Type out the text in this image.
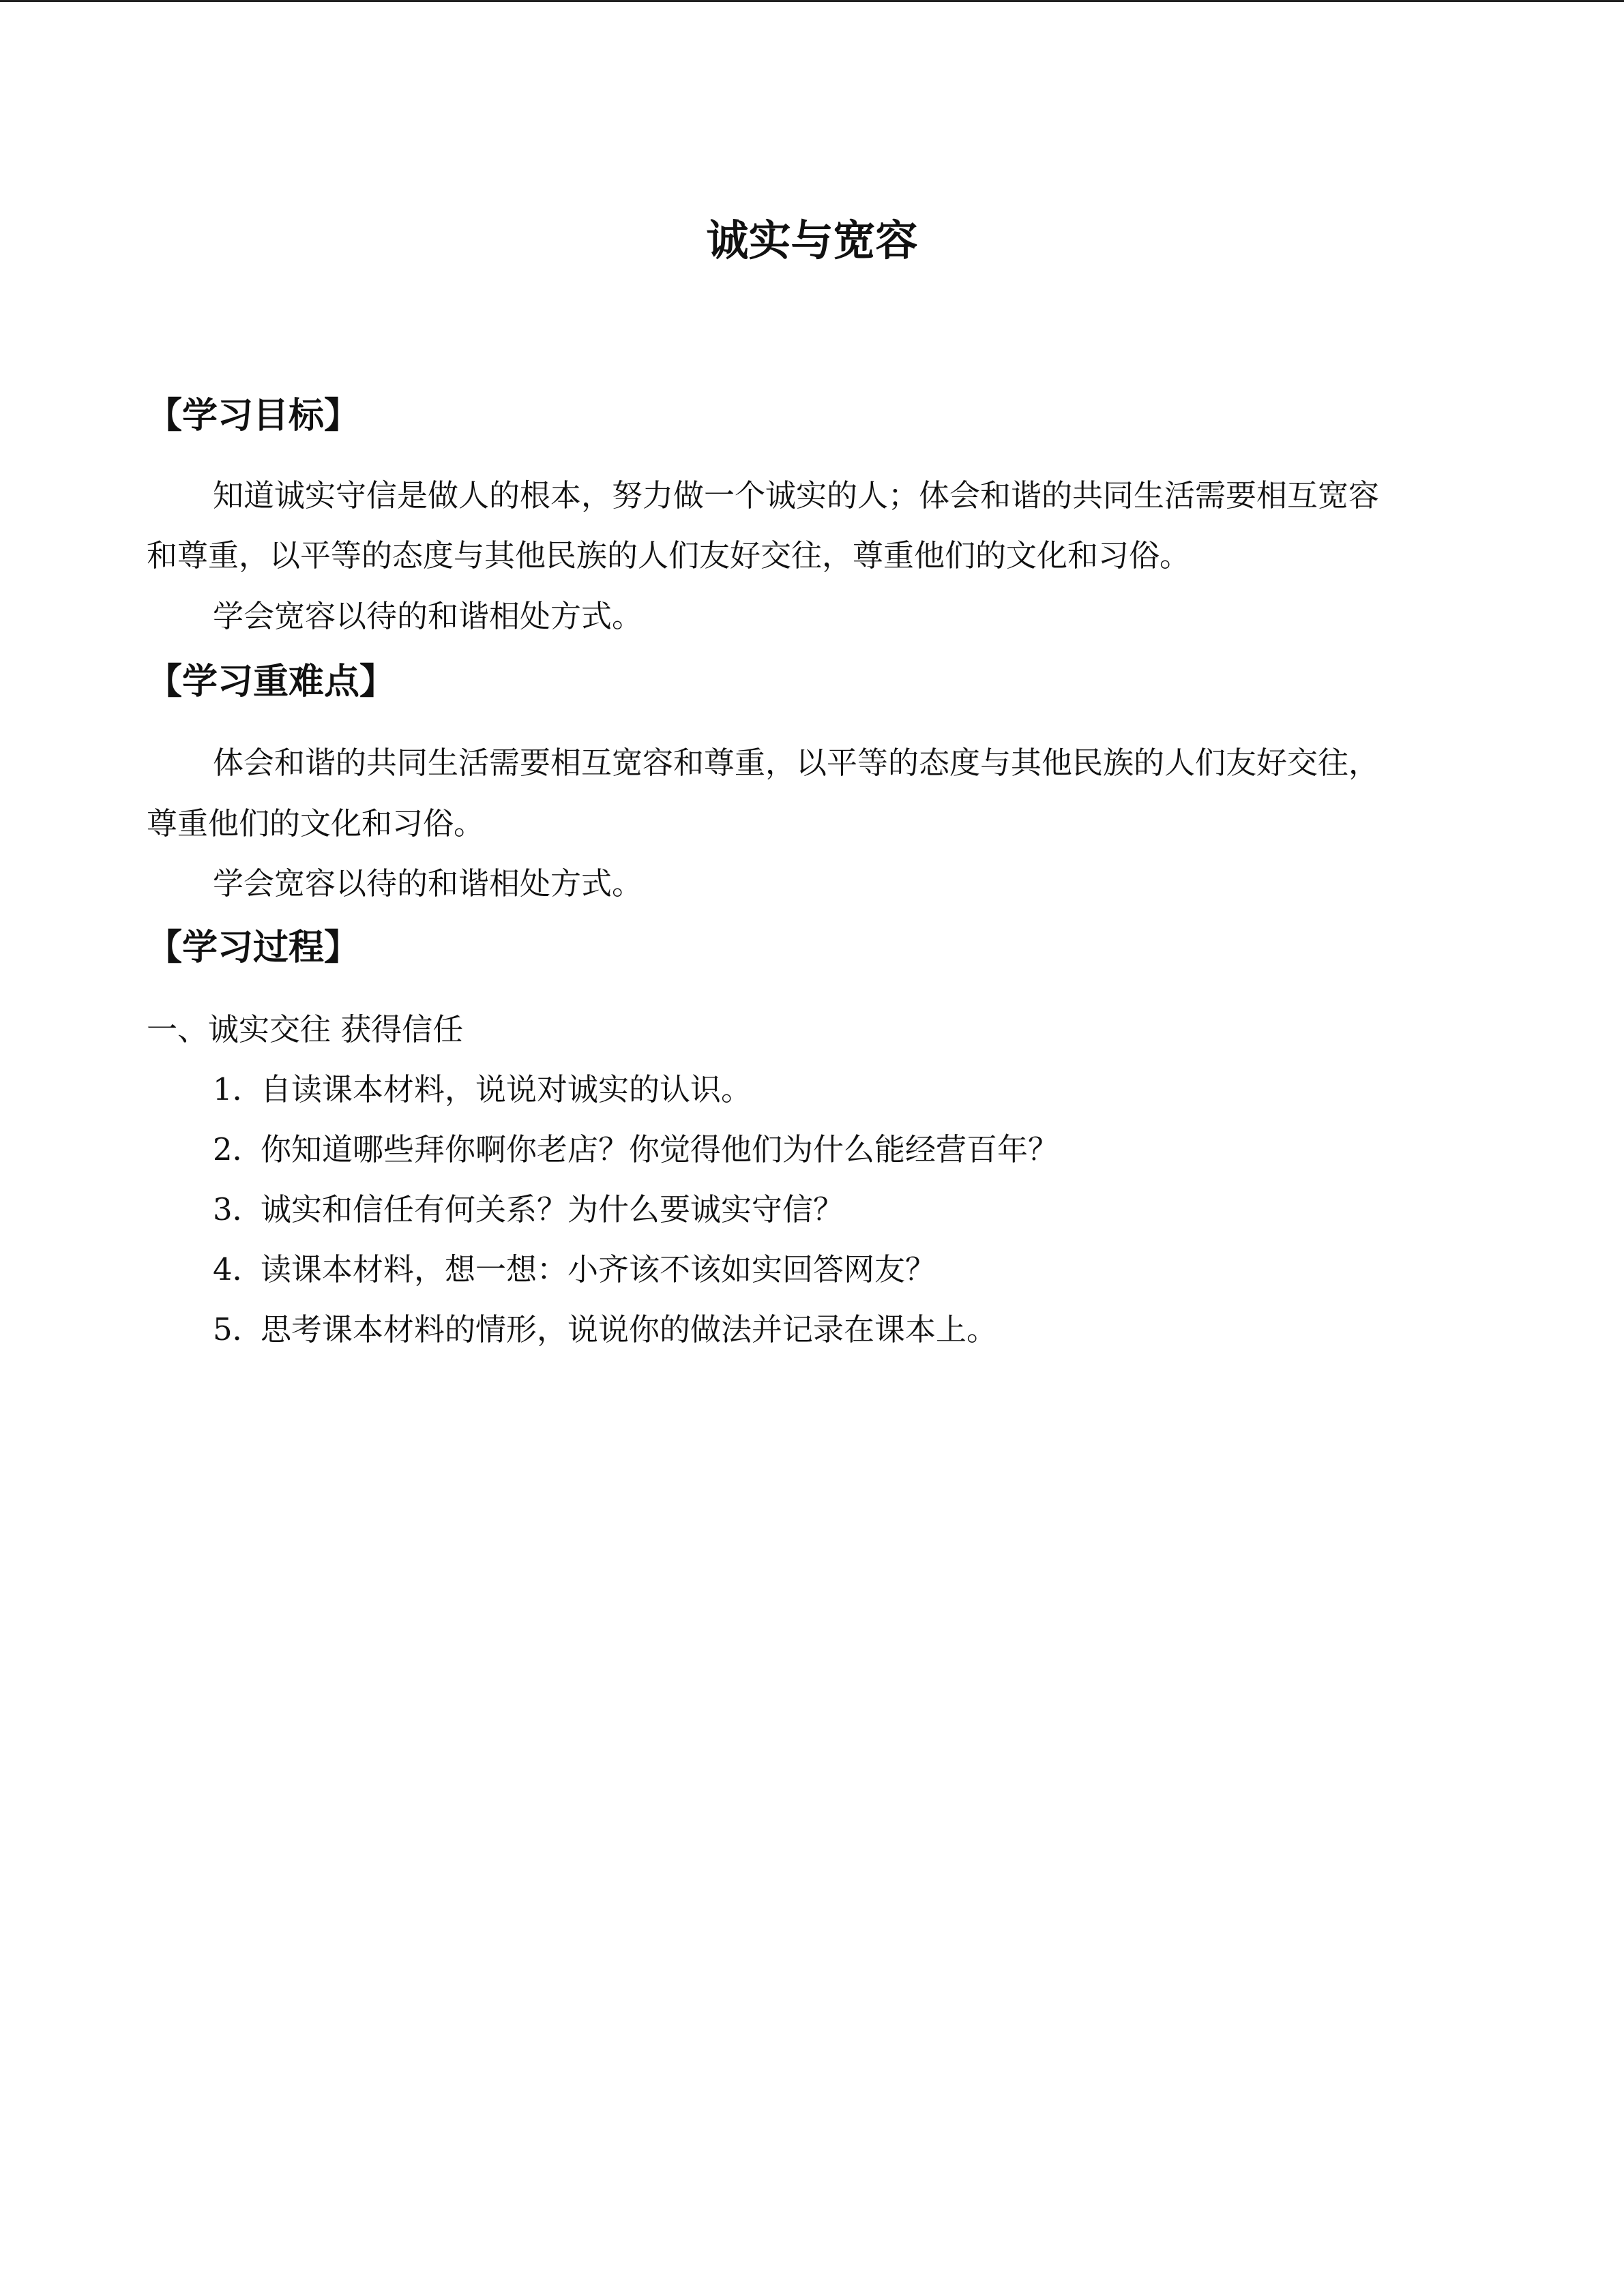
诚实与宽容
【学习目标】

知道诚实守信是做人的根本，努力做一个诚实的人；体会和谐的共同生活需要相互宽容

和尊重，以平等的态度与其他民族的人们友好交往，尊重他们的文化和习俗。

学会宽容以待的和谐相处方式。

【学习重难点】

体会和谐的共同生活需要相互宽容和尊重，以平等的态度与其他民族的人们友好交往，

尊重他们的文化和习俗。

学会宽容以待的和谐相处方式。

【学习过程】

一、诚实交往 获得信任

1．自读课本材料，说说对诚实的认识。

2．你知道哪些拜你啊你老店？你觉得他们为什么能经营百年？

3．诚实和信任有何关系？为什么要诚实守信？

4．读课本材料，想一想：小齐该不该如实回答网友？

5．思考课本材料的情形，说说你的做法并记录在课本上。
